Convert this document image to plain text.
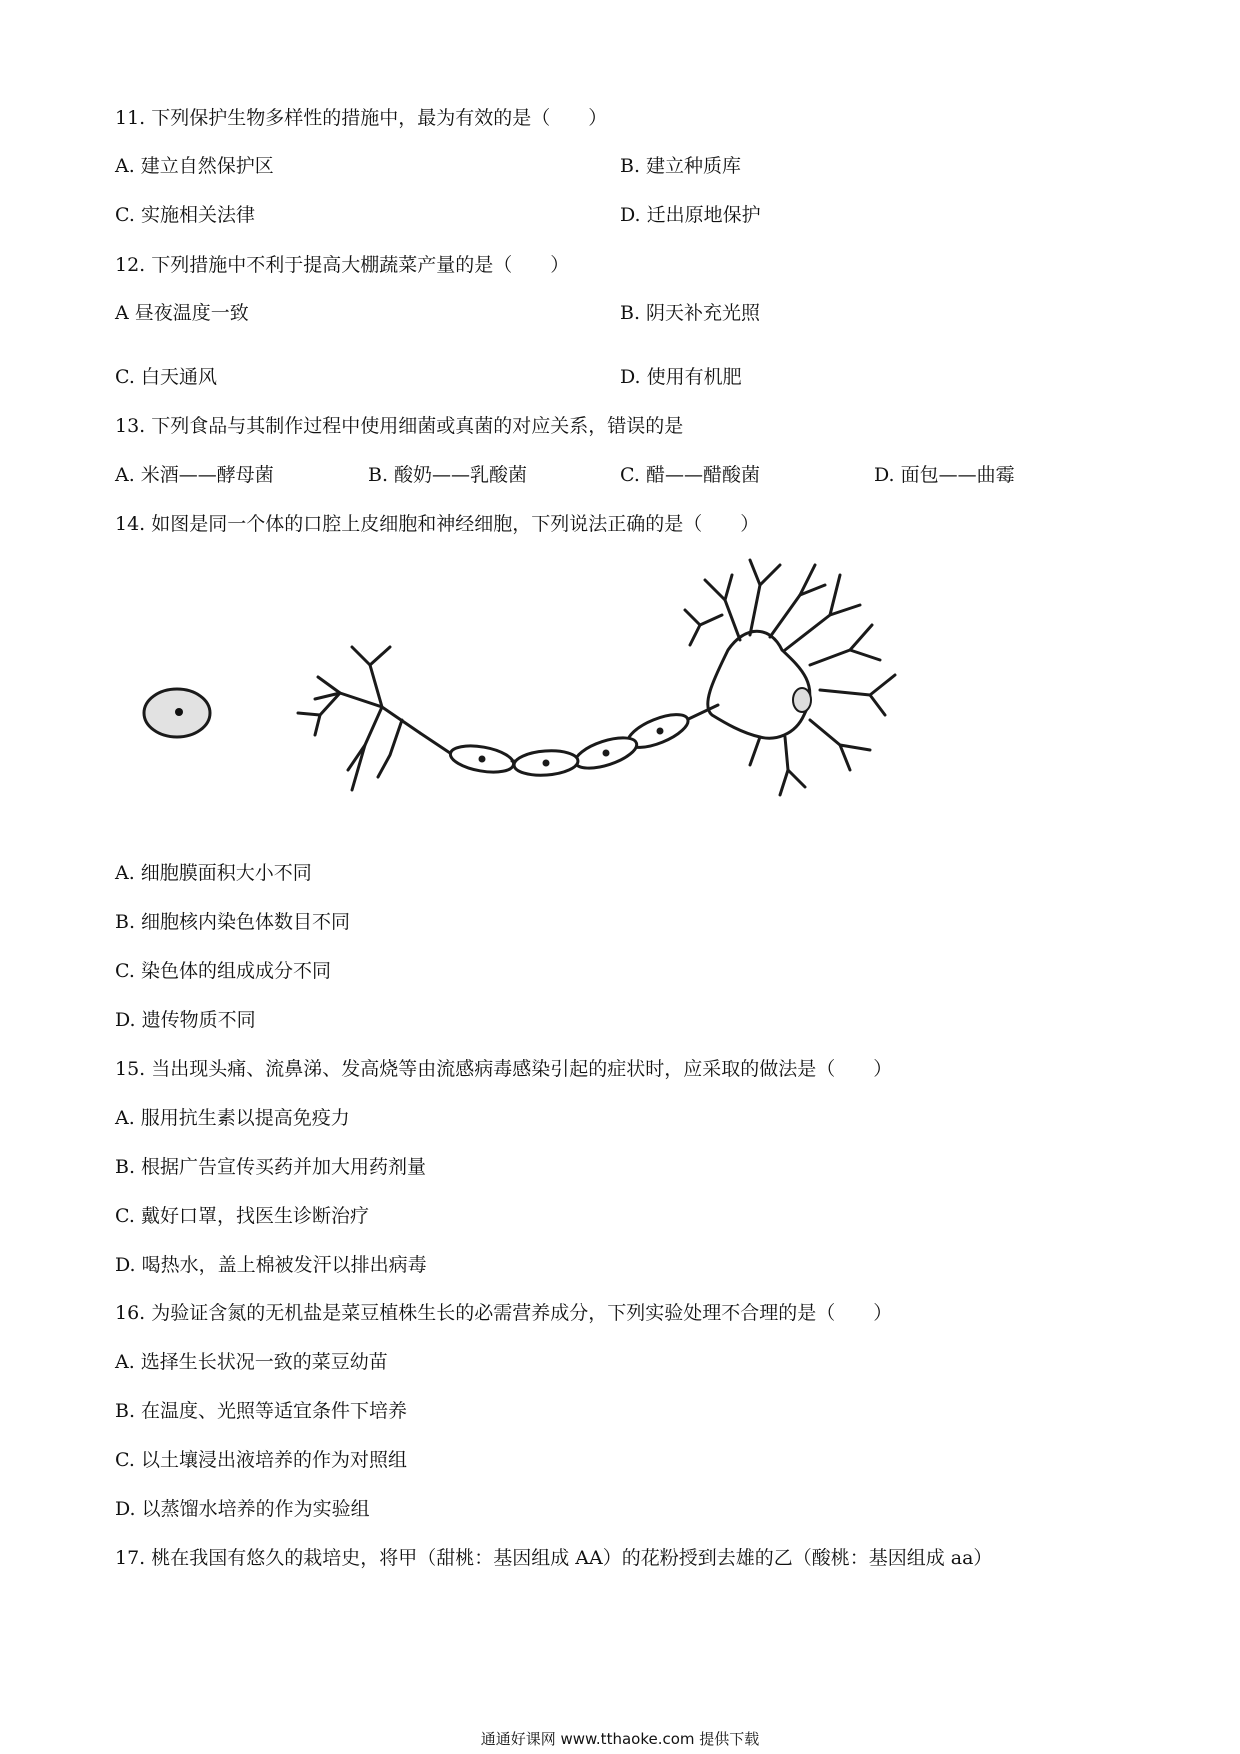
11. 下列保护生物多样性的措施中，最为有效的是（　　）
A. 建立自然保护区	B. 建立种质库
C. 实施相关法律	D. 迁出原地保护
12. 下列措施中不利于提高大棚蔬菜产量的是（　　）
A 昼夜温度一致	B. 阴天补充光照
C. 白天通风	D. 使用有机肥
13. 下列食品与其制作过程中使用细菌或真菌的对应关系，错误的是
A. 米酒——酵母菌	B. 酸奶——乳酸菌	C. 醋——醋酸菌	D. 面包——曲霉
14. 如图是同一个体的口腔上皮细胞和神经细胞，下列说法正确的是（　　）
A. 细胞膜面积大小不同
B. 细胞核内染色体数目不同
C. 染色体的组成成分不同
D. 遗传物质不同
15. 当出现头痛、流鼻涕、发高烧等由流感病毒感染引起的症状时，应采取的做法是（　　）
A. 服用抗生素以提高免疫力
B. 根据广告宣传买药并加大用药剂量
C. 戴好口罩，找医生诊断治疗
D. 喝热水，盖上棉被发汗以排出病毒
16. 为验证含氮的无机盐是菜豆植株生长的必需营养成分，下列实验处理不合理的是（　　）
A. 选择生长状况一致的菜豆幼苗
B. 在温度、光照等适宜条件下培养
C. 以土壤浸出液培养的作为对照组
D. 以蒸馏水培养的作为实验组
17. 桃在我国有悠久的栽培史，将甲（甜桃：基因组成 AA）的花粉授到去雄的乙（酸桃：基因组成 aa）
通通好课网 www.tthaoke.com 提供下载
